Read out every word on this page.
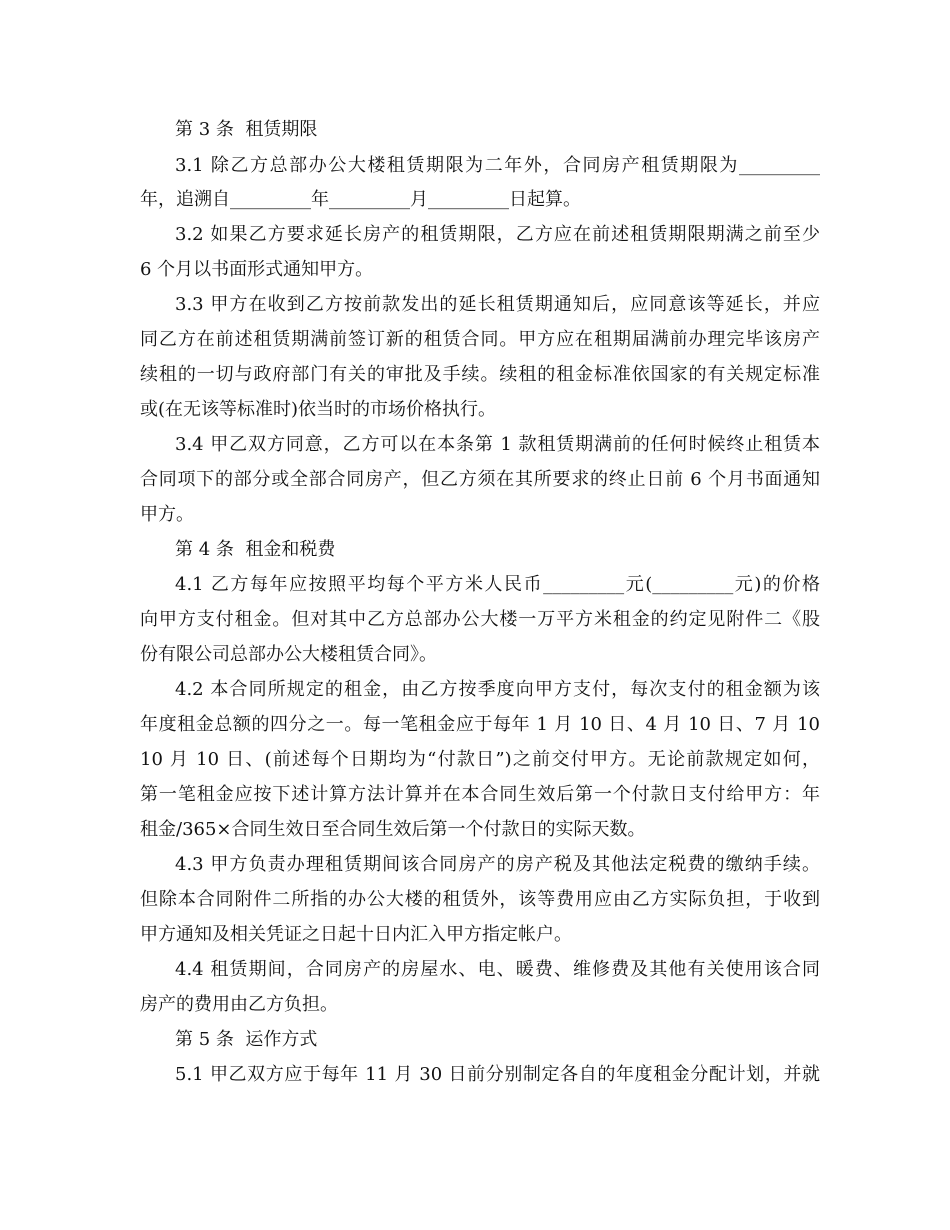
第 3 条  租赁期限
3.1 除乙方总部办公大楼租赁期限为二年外，合同房产租赁期限为_________
年，追溯自_________年_________月_________日起算。
3.2 如果乙方要求延长房产的租赁期限，乙方应在前述租赁期限期满之前至少
6 个月以书面形式通知甲方。
3.3 甲方在收到乙方按前款发出的延长租赁期通知后，应同意该等延长，并应
同乙方在前述租赁期满前签订新的租赁合同。甲方应在租期届满前办理完毕该房产
续租的一切与政府部门有关的审批及手续。续租的租金标准依国家的有关规定标准
或(在无该等标准时)依当时的市场价格执行。
3.4 甲乙双方同意，乙方可以在本条第 1 款租赁期满前的任何时候终止租赁本
合同项下的部分或全部合同房产，但乙方须在其所要求的终止日前 6 个月书面通知
甲方。
第 4 条  租金和税费
4.1 乙方每年应按照平均每个平方米人民币_________元(_________元)的价格
向甲方支付租金。但对其中乙方总部办公大楼一万平方米租金的约定见附件二《股
份有限公司总部办公大楼租赁合同》。
4.2 本合同所规定的租金，由乙方按季度向甲方支付，每次支付的租金额为该
年度租金总额的四分之一。每一笔租金应于每年 1 月 10 日、4 月 10 日、7 月 10
10 月 10 日、(前述每个日期均为“付款日”)之前交付甲方。无论前款规定如何，
第一笔租金应按下述计算方法计算并在本合同生效后第一个付款日支付给甲方：年
租金/365×合同生效日至合同生效后第一个付款日的实际天数。
4.3 甲方负责办理租赁期间该合同房产的房产税及其他法定税费的缴纳手续。
但除本合同附件二所指的办公大楼的租赁外，该等费用应由乙方实际负担，于收到
甲方通知及相关凭证之日起十日内汇入甲方指定帐户。
4.4 租赁期间，合同房产的房屋水、电、暖费、维修费及其他有关使用该合同
房产的费用由乙方负担。
第 5 条  运作方式
5.1 甲乙双方应于每年 11 月 30 日前分别制定各自的年度租金分配计划，并就
